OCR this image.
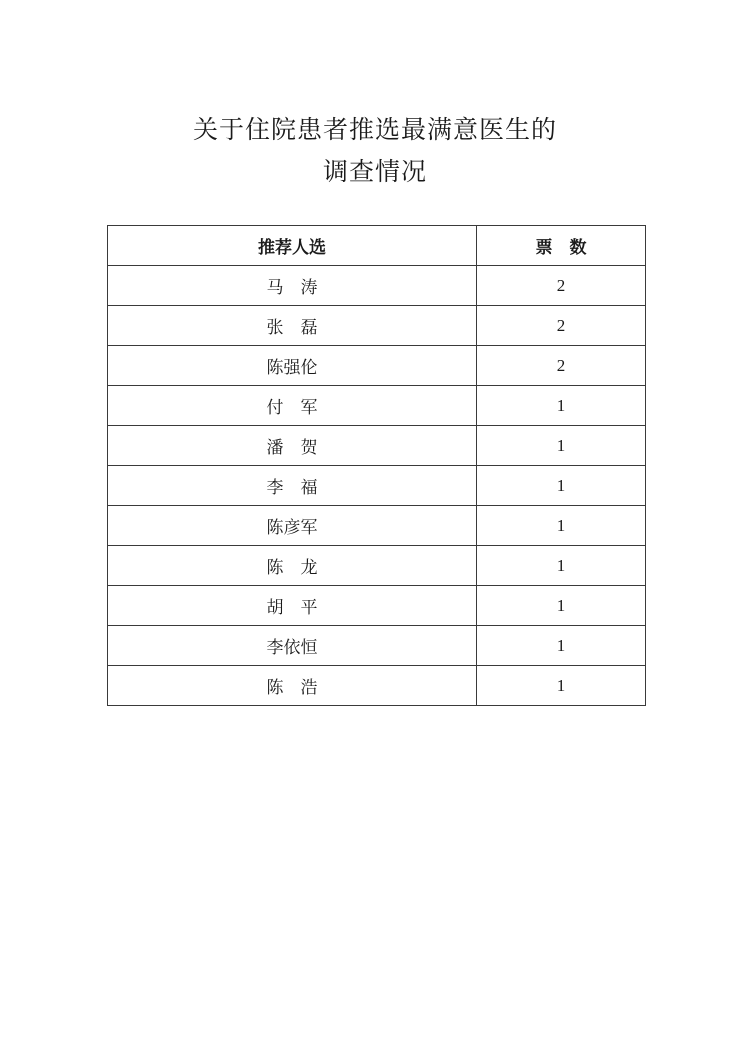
关于住院患者推选最满意医生的
调查情况
推荐人选	票　数
马　涛	2
张　磊	2
陈强伦	2
付　军	1
潘　贺	1
李　福	1
陈彦军	1
陈　龙	1
胡　平	1
李依恒	1
陈　浩	1
